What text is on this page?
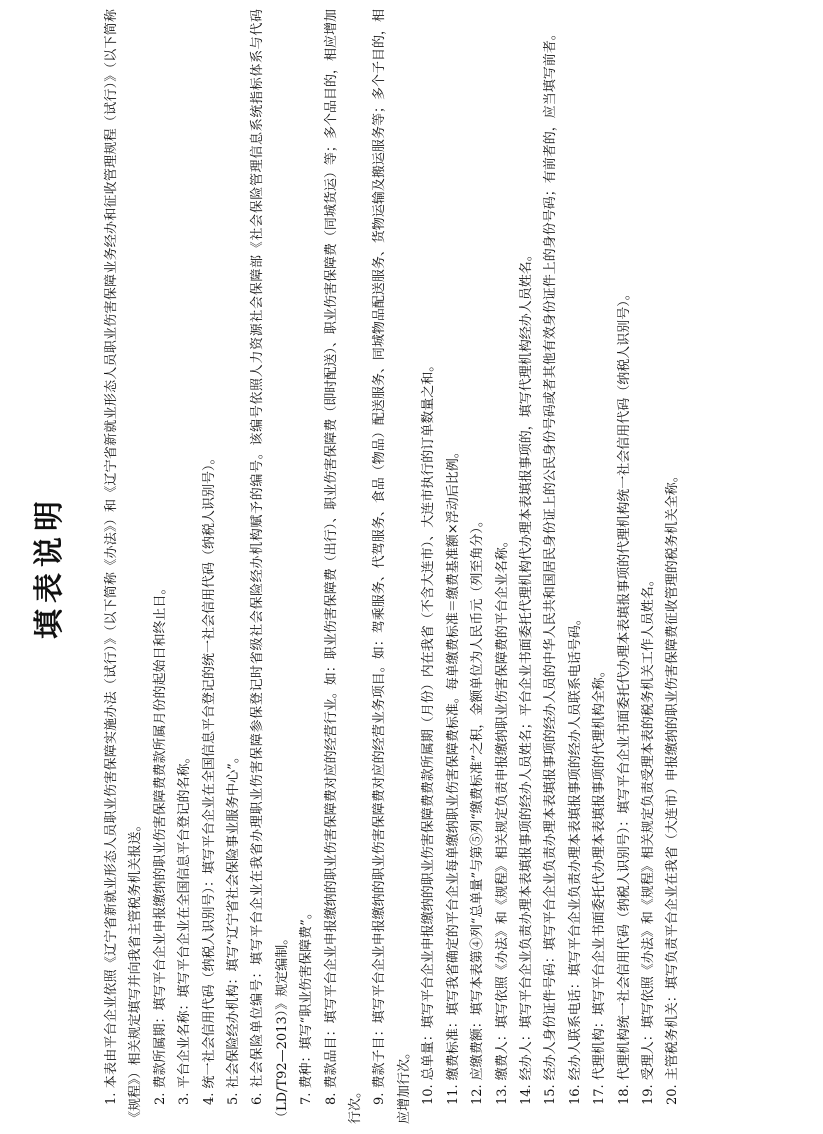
填表说明	1. 本表由平台企业依照《辽宁省新就业形态人员职业伤害保障实施办法（试行）》（以下简称《办法》）和《辽宁省新就业形态人员职业伤害保障业务经办和征收管理规程（试行）》（以下简称《规程》）相关规定填写并向我省主管税务机关报送。 2. 费款所属期：填写平台企业申报缴纳的职业伤害保障费费款所属月份的起始日和终止日。 3. 平台企业名称：填写平台企业在全国信息平台登记的名称。 4. 统一社会信用代码（纳税人识别号）：填写平台企业在全国信息平台登记的统一社会信用代码（纳税人识别号）。 5. 社会保险经办机构：填写“辽宁省社会保险事业服务中心”。 6. 社会保险单位编号：填写平台企业在我省办理职业伤害保障参保登记时省级社会保险经办机构赋予的编号。该编号依照人力资源社会保障部《社会保险管理信息系统指标体系与代码（LD/T92—2013）》规定编制。 7. 费种：填写“职业伤害保障费”。 8. 费款品目：填写平台企业申报缴纳的职业伤害保障费对应的经营行业。如：职业伤害保障费（出行）、职业伤害保障费（即时配送）、职业伤害保障费（同城货运）等；多个品目的，相应增加行次。 9. 费款子目：填写平台企业申报缴纳的职业伤害保障费对应的经营业务项目。如：驾乘服务、代驾服务、食品（物品）配送服务、同城物品配送服务、货物运输及搬运服务等；多个子目的，相应增加行次。 10. 总单量：填写平台企业申报缴纳的职业伤害保障费费款所属期（月份）内在我省（不含大连市）、大连市执行的订单数量之和。 11. 缴费标准：填写我省确定的平台企业每单缴纳职业伤害保障费标准。每单缴费标准＝缴费基准额×浮动后比例。 12. 应缴费额：填写本表第④列“总单量”与第⑤列“缴费标准”之积，金额单位为人民币元（列至角分）。 13. 缴费人：填写依照《办法》和《规程》相关规定负责申报缴纳职业伤害保障费的平台企业名称。 14. 经办人：填写平台企业负责办理本表填报事项的经办人员姓名；平台企业书面委托代理机构代办理本表填报事项的，填写代理机构经办人员姓名。 15. 经办人身份证件号码：填写平台企业负责办理本表填报事项的经办人员的中华人民共和国居民身份证上的公民身份号码或者其他有效身份证件上的身份号码；有前者的，应当填写前者。 16. 经办人联系电话：填写平台企业负责办理本表填报事项的经办人员联系电话号码。 17. 代理机构：填写平台企业书面委托代办理本表填报事项的代理机构全称。 18. 代理机构统一社会信用代码（纳税人识别号）：填写平台企业书面委托代办理本表填报事项的代理机构统一社会信用代码（纳税人识别号）。 19. 受理人：填写依照《办法》和《规程》相关规定负责受理本表的税务机关工作人员姓名。 20. 主管税务机关：填写负责平台企业在我省（大连市）申报缴纳的职业伤害保障费征收管理的税务机关全称。
